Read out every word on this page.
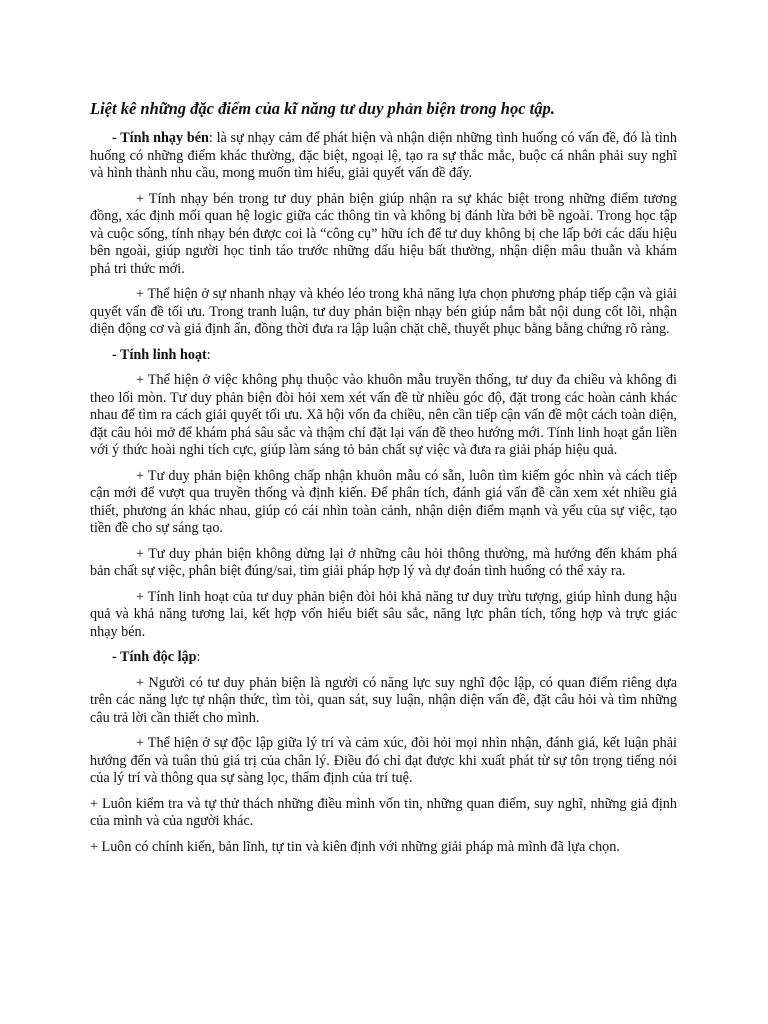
Liệt kê những đặc điểm của kĩ năng tư duy phản biện trong học tập.

- Tính nhạy bén: là sự nhạy cảm để phát hiện và nhận diện những tình huống có vấn đề, đó là tình huống có những điểm khác thường, đặc biệt, ngoại lệ, tạo ra sự thắc mắc, buộc cá nhân phải suy nghĩ và hình thành nhu cầu, mong muốn tìm hiểu, giải quyết vấn đề đấy.

+ Tính nhạy bén trong tư duy phản biện giúp nhận ra sự khác biệt trong những điểm tương đồng, xác định mối quan hệ logic giữa các thông tin và không bị đánh lừa bởi bề ngoài. Trong học tập và cuộc sống, tính nhạy bén được coi là “công cụ” hữu ích để tư duy không bị che lấp bởi các dấu hiệu bên ngoài, giúp người học tỉnh táo trước những dấu hiệu bất thường, nhận diện mâu thuẫn và khám phá tri thức mới.

+ Thể hiện ở sự nhanh nhạy và khéo léo trong khả năng lựa chọn phương pháp tiếp cận và giải quyết vấn đề tối ưu. Trong tranh luận, tư duy phản biện nhạy bén giúp nắm bắt nội dung cốt lõi, nhận diện động cơ và giả định ẩn, đồng thời đưa ra lập luận chặt chẽ, thuyết phục bằng bằng chứng rõ ràng.

- Tính linh hoạt:

+ Thể hiện ở việc không phụ thuộc vào khuôn mẫu truyền thống, tư duy đa chiều và không đi theo lối mòn. Tư duy phản biện đòi hỏi xem xét vấn đề từ nhiều góc độ, đặt trong các hoàn cảnh khác nhau để tìm ra cách giải quyết tối ưu. Xã hội vốn đa chiều, nên cần tiếp cận vấn đề một cách toàn diện, đặt câu hỏi mở để khám phá sâu sắc và thậm chí đặt lại vấn đề theo hướng mới. Tính linh hoạt gắn liền với ý thức hoài nghi tích cực, giúp làm sáng tỏ bản chất sự việc và đưa ra giải pháp hiệu quả.

+ Tư duy phản biện không chấp nhận khuôn mẫu có sẵn, luôn tìm kiếm góc nhìn và cách tiếp cận mới để vượt qua truyền thống và định kiến. Để phân tích, đánh giá vấn đề cần xem xét nhiều giả thiết, phương án khác nhau, giúp có cái nhìn toàn cảnh, nhận diện điểm mạnh và yếu của sự việc, tạo tiền đề cho sự sáng tạo.

+ Tư duy phản biện không dừng lại ở những câu hỏi thông thường, mà hướng đến khám phá bản chất sự việc, phân biệt đúng/sai, tìm giải pháp hợp lý và dự đoán tình huống có thể xảy ra.

+ Tính linh hoạt của tư duy phản biện đòi hỏi khả năng tư duy trừu tượng, giúp hình dung hậu quả và khả năng tương lai, kết hợp vốn hiểu biết sâu sắc, năng lực phân tích, tổng hợp và trực giác nhạy bén.

- Tính độc lập:

+ Người có tư duy phản biện là người có năng lực suy nghĩ độc lập, có quan điểm riêng dựa trên các năng lực tự nhận thức, tìm tòi, quan sát, suy luận, nhận diện vấn đề, đặt câu hỏi và tìm những câu trả lời cần thiết cho mình.

+ Thể hiện ở sự độc lập giữa lý trí và cảm xúc, đòi hỏi mọi nhìn nhận, đánh giá, kết luận phải hướng đến và tuân thủ giá trị của chân lý. Điều đó chỉ đạt được khi xuất phát từ sự tôn trọng tiếng nói của lý trí và thông qua sự sàng lọc, thẩm định của trí tuệ.

+ Luôn kiểm tra và tự thử thách những điều mình vốn tin, những quan điểm, suy nghĩ, những giả định của mình và của người khác.

+ Luôn có chính kiến, bản lĩnh, tự tin và kiên định với những giải pháp mà mình đã lựa chọn.
